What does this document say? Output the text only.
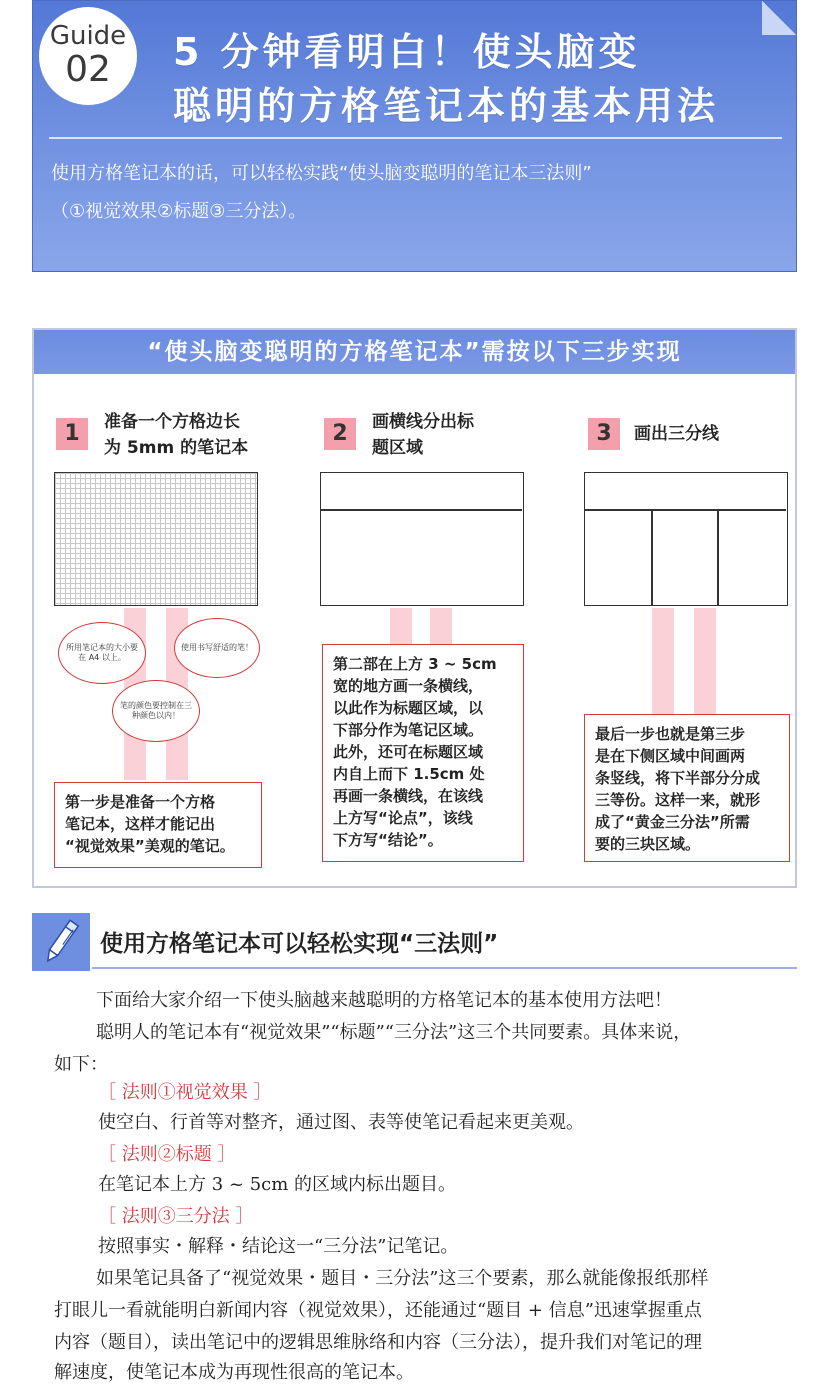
Guide
02 5 分钟看明白！使头脑变
聪明的方格笔记本的基本用法
使用方格笔记本的话，可以轻松实践“使头脑变聪明的笔记本三法则”
（①视觉效果②标题③三分法）。
“使头脑变聪明的方格笔记本”需按以下三步实现
1	准备一个方格边长
为 5mm 的笔记本
所用笔记本的大小要在 A4 以上。
使用书写舒适的笔！
笔的颜色要控制在三种颜色以内！
第一步是准备一个方格
笔记本，这样才能记出
“视觉效果”美观的笔记。
2	画横线分出标
题区域
第二部在上方 3 ~ 5cm
宽的地方画一条横线，
以此作为标题区域，以
下部分作为笔记区域。
此外，还可在标题区域
内自上而下 1.5cm 处
再画一条横线，在该线
上方写“论点”，该线
下方写“结论”。
3	画出三分线
最后一步也就是第三步
是在下侧区域中间画两
条竖线，将下半部分分成
三等份。这样一来，就形
成了“黄金三分法”所需
要的三块区域。
使用方格笔记本可以轻松实现“三法则”
下面给大家介绍一下使头脑越来越聪明的方格笔记本的基本使用方法吧！
聪明人的笔记本有“视觉效果”“标题”“三分法”这三个共同要素。具体来说，
如下：
［ 法则①视觉效果 ］
使空白、行首等对整齐，通过图、表等使笔记看起来更美观。
［ 法则②标题 ］
在笔记本上方 3 ~ 5cm 的区域内标出题目。
［ 法则③三分法 ］
按照事实・解释・结论这一“三分法”记笔记。
如果笔记具备了“视觉效果・题目・三分法”这三个要素，那么就能像报纸那样
打眼儿一看就能明白新闻内容（视觉效果），还能通过“题目 + 信息”迅速掌握重点
内容（题目），读出笔记中的逻辑思维脉络和内容（三分法），提升我们对笔记的理
解速度，使笔记本成为再现性很高的笔记本。
